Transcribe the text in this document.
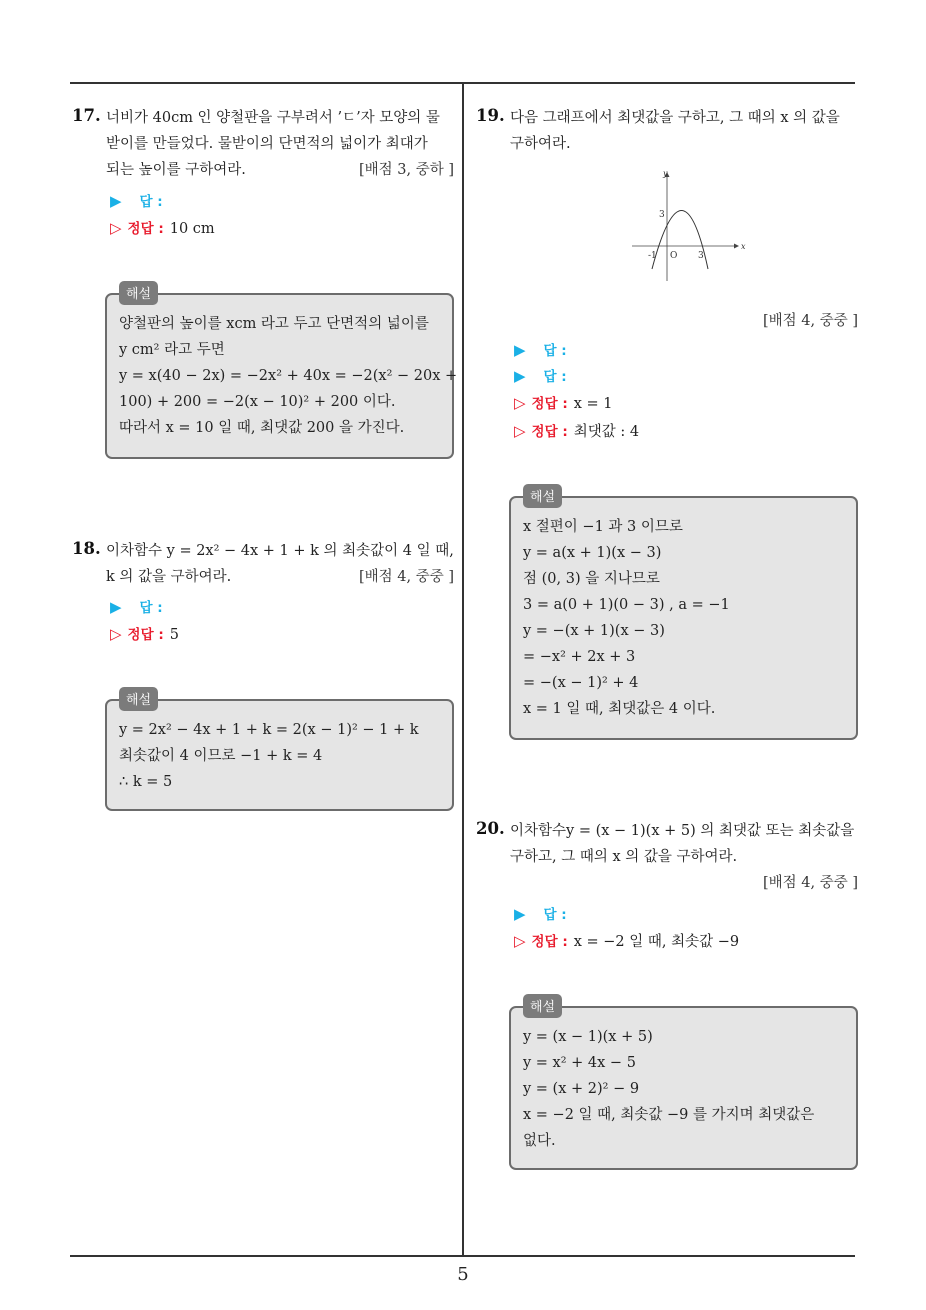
17. 너비가 40cm 인 양철판을 구부려서 ’ㄷ’자 모양의 물
받이를 만들었다. 물받이의 단면적의 넓이가 최대가
되는 높이를 구하여라.	[배점 3, 중하 ]
▶ 답 :
▷ 정답 : 10 cm
해설
양철판의 높이를 xcm 라고 두고 단면적의 넓이를
y cm² 라고 두면
y = x(40 − 2x) = −2x² + 40x = −2(x² − 20x +
100) + 200 = −2(x − 10)² + 200 이다.
따라서 x = 10 일 때, 최댓값 200 을 가진다.
18. 이차함수 y = 2x² − 4x + 1 + k 의 최솟값이 4 일 때,
k 의 값을 구하여라.	[배점 4, 중중 ]
▶ 답 :
▷ 정답 : 5
해설
y = 2x² − 4x + 1 + k = 2(x − 1)² − 1 + k
최솟값이 4 이므로 −1 + k = 4
∴ k = 5
19. 다음 그래프에서 최댓값을 구하고, 그 때의 x 의 값을
구하여라.
y
x
3
-1 O 3
[배점 4, 중중 ]
▶ 답 :
▶ 답 :
▷ 정답 : x = 1
▷ 정답 : 최댓값 : 4
해설
x 절편이 −1 과 3 이므로
y = a(x + 1)(x − 3)
점 (0, 3) 을 지나므로
3 = a(0 + 1)(0 − 3) , a = −1
y = −(x + 1)(x − 3)
= −x² + 2x + 3
= −(x − 1)² + 4
x = 1 일 때, 최댓값은 4 이다.
20. 이차함수y = (x − 1)(x + 5) 의 최댓값 또는 최솟값을
구하고, 그 때의 x 의 값을 구하여라.
[배점 4, 중중 ]
▶ 답 :
▷ 정답 : x = −2 일 때, 최솟값 −9
해설
y = (x − 1)(x + 5)
y = x² + 4x − 5
y = (x + 2)² − 9
x = −2 일 때, 최솟값 −9 를 가지며 최댓값은
없다.
5
